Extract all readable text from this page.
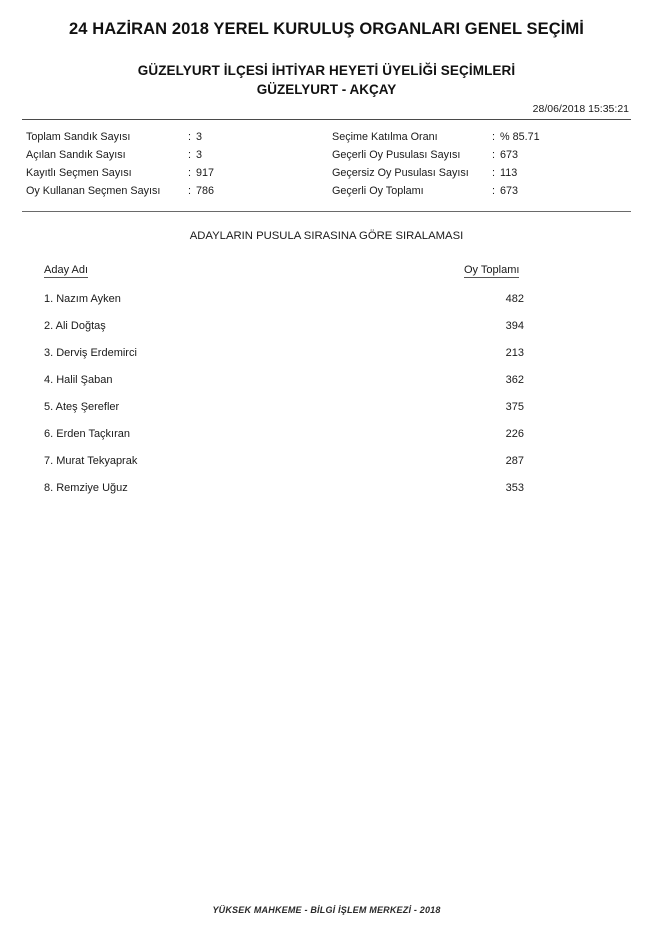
24 HAZİRAN 2018 YEREL KURULUŞ ORGANLARI GENEL SEÇİMİ
GÜZELYURT İLÇESİ İHTİYAR HEYETİ ÜYELİĞİ SEÇİMLERİ
GÜZELYURT - AKÇAY
28/06/2018 15:35:21
Toplam Sandık Sayısı	: 3
Açılan Sandık Sayısı	: 3
Kayıtlı Seçmen Sayısı	: 917
Oy Kullanan Seçmen Sayısı	: 786
Seçime Katılma Oranı	: % 85.71
Geçerli Oy Pusulası Sayısı	: 673
Geçersiz Oy Pusulası Sayısı	: 113
Geçerli Oy Toplamı	: 673
ADAYLARIN PUSULA SIRASINA GÖRE SIRALAMASI
Aday Adı	Oy Toplamı
1. Nazım Ayken	482
2. Ali Doğtaş	394
3. Derviş Erdemirci	213
4. Halil Şaban	362
5. Ateş Şerefler	375
6. Erden Taçkıran	226
7. Murat Tekyaprak	287
8. Remziye Uğuz	353
YÜKSEK MAHKEME - BİLGİ İŞLEM MERKEZİ - 2018
